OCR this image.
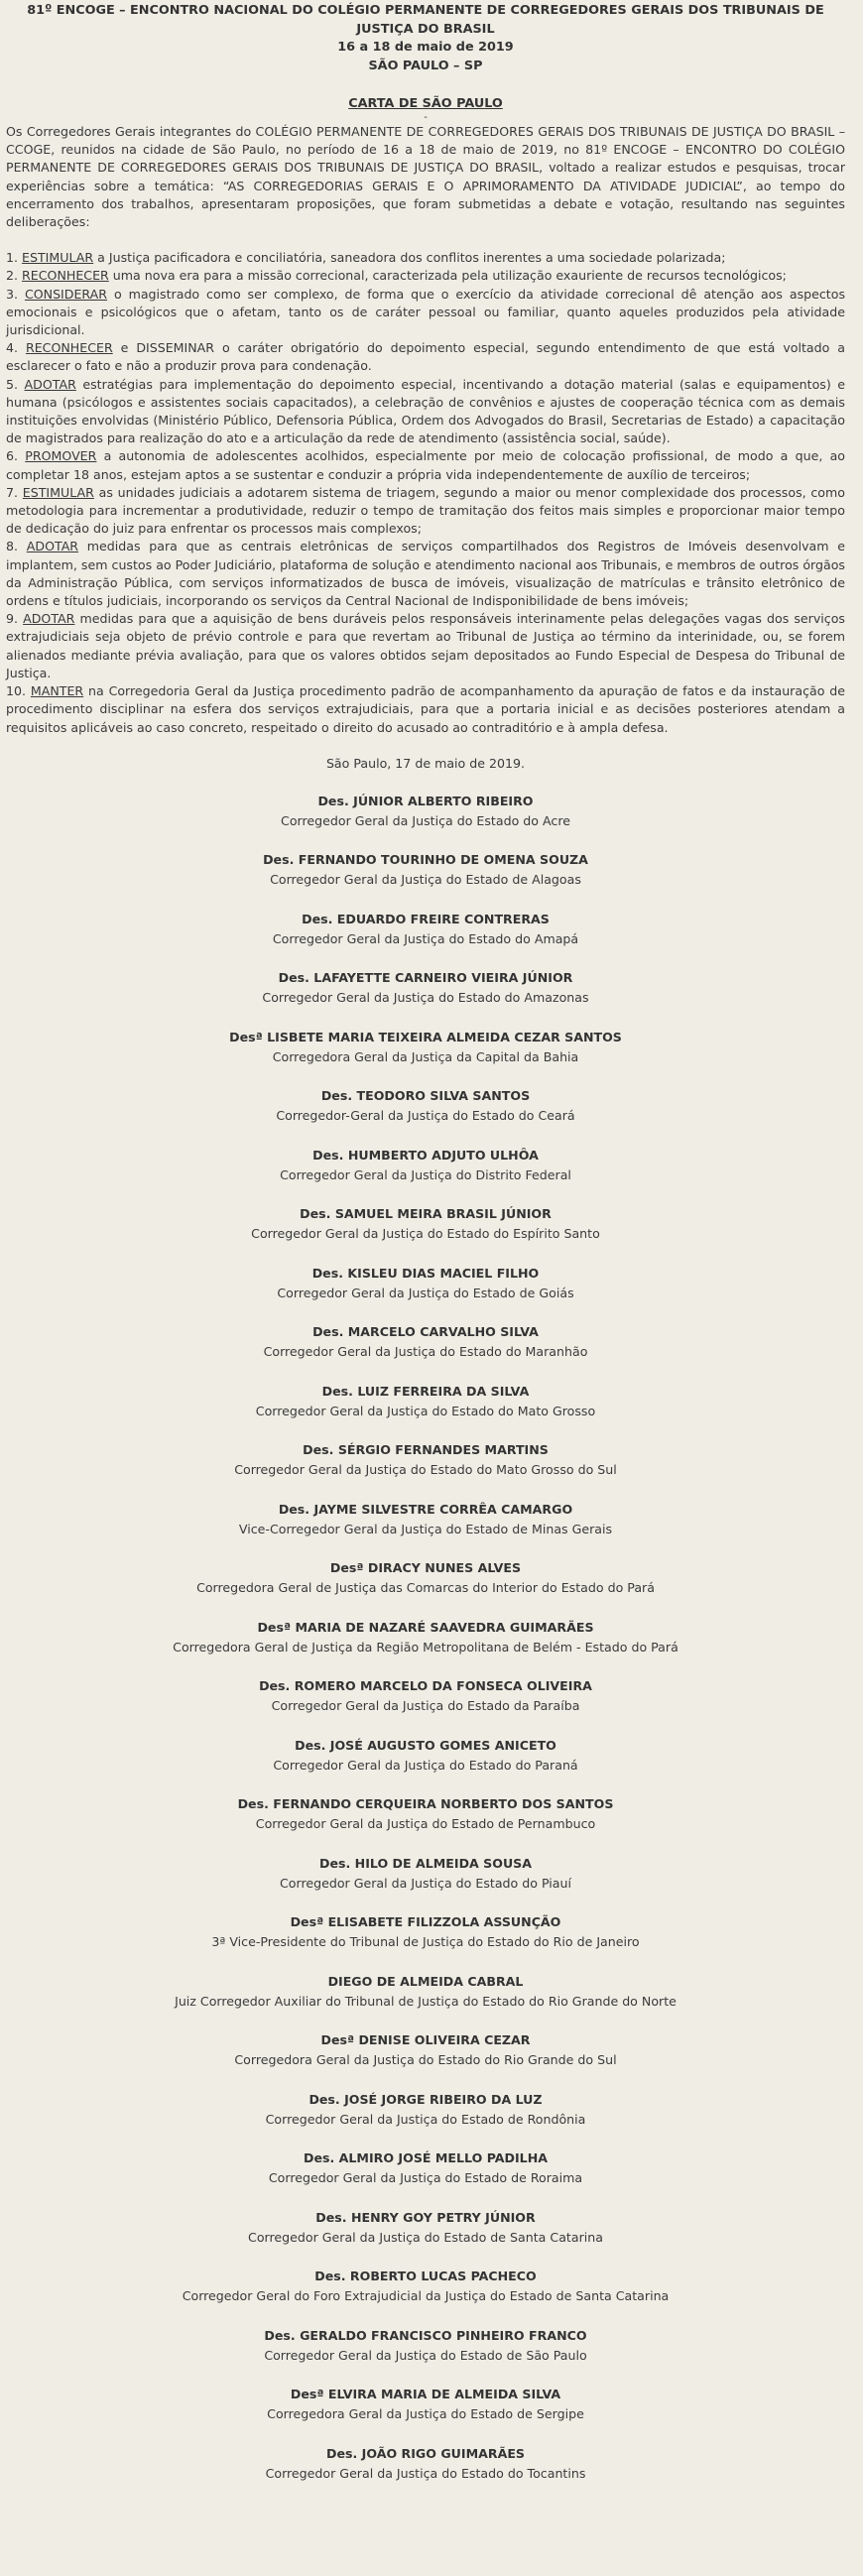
81º ENCOGE – ENCONTRO NACIONAL DO COLÉGIO PERMANENTE DE CORREGEDORES GERAIS DOS TRIBUNAIS DE JUSTIÇA DO BRASIL
16 a 18 de maio de 2019
SÃO PAULO – SP
CARTA DE SÃO PAULO
-

Os Corregedores Gerais integrantes do COLÉGIO PERMANENTE DE CORREGEDORES GERAIS DOS TRIBUNAIS DE JUSTIÇA DO BRASIL – CCOGE, reunidos na cidade de São Paulo, no período de 16 a 18 de maio de 2019, no 81º ENCOGE – ENCONTRO DO COLÉGIO PERMANENTE DE CORREGEDORES GERAIS DOS TRIBUNAIS DE JUSTIÇA DO BRASIL, voltado a realizar estudos e pesquisas, trocar experiências sobre a temática: “AS CORREGEDORIAS GERAIS E O APRIMORAMENTO DA ATIVIDADE JUDICIAL”, ao tempo do encerramento dos trabalhos, apresentaram proposições, que foram submetidas a debate e votação, resultando nas seguintes deliberações:

1. ESTIMULAR a Justiça pacificadora e conciliatória, saneadora dos conflitos inerentes a uma sociedade polarizada;

2. RECONHECER uma nova era para a missão correcional, caracterizada pela utilização exauriente de recursos tecnológicos;

3. CONSIDERAR o magistrado como ser complexo, de forma que o exercício da atividade correcional dê atenção aos aspectos emocionais e psicológicos que o afetam, tanto os de caráter pessoal ou familiar, quanto aqueles produzidos pela atividade jurisdicional.

4. RECONHECER e DISSEMINAR o caráter obrigatório do depoimento especial, segundo entendimento de que está voltado a esclarecer o fato e não a produzir prova para condenação.

5. ADOTAR estratégias para implementação do depoimento especial, incentivando a dotação material (salas e equipamentos) e humana (psicólogos e assistentes sociais capacitados), a celebração de convênios e ajustes de cooperação técnica com as demais instituições envolvidas (Ministério Público, Defensoria Pública, Ordem dos Advogados do Brasil, Secretarias de Estado) a capacitação de magistrados para realização do ato e a articulação da rede de atendimento (assistência social, saúde).

6. PROMOVER a autonomia de adolescentes acolhidos, especialmente por meio de colocação profissional, de modo a que, ao completar 18 anos, estejam aptos a se sustentar e conduzir a própria vida independentemente de auxílio de terceiros;

7. ESTIMULAR as unidades judiciais a adotarem sistema de triagem, segundo a maior ou menor complexidade dos processos, como metodologia para incrementar a produtividade, reduzir o tempo de tramitação dos feitos mais simples e proporcionar maior tempo de dedicação do juiz para enfrentar os processos mais complexos;

8. ADOTAR medidas para que as centrais eletrônicas de serviços compartilhados dos Registros de Imóveis desenvolvam e implantem, sem custos ao Poder Judiciário, plataforma de solução e atendimento nacional aos Tribunais, e membros de outros órgãos da Administração Pública, com serviços informatizados de busca de imóveis, visualização de matrículas e trânsito eletrônico de ordens e títulos judiciais, incorporando os serviços da Central Nacional de Indisponibilidade de bens imóveis;

9. ADOTAR medidas para que a aquisição de bens duráveis pelos responsáveis interinamente pelas delegações vagas dos serviços extrajudiciais seja objeto de prévio controle e para que revertam ao Tribunal de Justiça ao término da interinidade, ou, se forem alienados mediante prévia avaliação, para que os valores obtidos sejam depositados ao Fundo Especial de Despesa do Tribunal de Justiça.

10. MANTER na Corregedoria Geral da Justiça procedimento padrão de acompanhamento da apuração de fatos e da instauração de procedimento disciplinar na esfera dos serviços extrajudiciais, para que a portaria inicial e as decisões posteriores atendam a requisitos aplicáveis ao caso concreto, respeitado o direito do acusado ao contraditório e à ampla defesa.

São Paulo, 17 de maio de 2019.
Des. JÚNIOR ALBERTO RIBEIRO
Corregedor Geral da Justiça do Estado do Acre
Des. FERNANDO TOURINHO DE OMENA SOUZA
Corregedor Geral da Justiça do Estado de Alagoas
Des. EDUARDO FREIRE CONTRERAS
Corregedor Geral da Justiça do Estado do Amapá
Des. LAFAYETTE CARNEIRO VIEIRA JÚNIOR
Corregedor Geral da Justiça do Estado do Amazonas
Desª LISBETE MARIA TEIXEIRA ALMEIDA CEZAR SANTOS
Corregedora Geral da Justiça da Capital da Bahia
Des. TEODORO SILVA SANTOS
Corregedor-Geral da Justiça do Estado do Ceará
Des. HUMBERTO ADJUTO ULHÔA
Corregedor Geral da Justiça do Distrito Federal
Des. SAMUEL MEIRA BRASIL JÚNIOR
Corregedor Geral da Justiça do Estado do Espírito Santo
Des. KISLEU DIAS MACIEL FILHO
Corregedor Geral da Justiça do Estado de Goiás
Des. MARCELO CARVALHO SILVA
Corregedor Geral da Justiça do Estado do Maranhão
Des. LUIZ FERREIRA DA SILVA
Corregedor Geral da Justiça do Estado do Mato Grosso
Des. SÉRGIO FERNANDES MARTINS
Corregedor Geral da Justiça do Estado do Mato Grosso do Sul
Des. JAYME SILVESTRE CORRÊA CAMARGO
Vice-Corregedor Geral da Justiça do Estado de Minas Gerais
Desª DIRACY NUNES ALVES
Corregedora Geral de Justiça das Comarcas do Interior do Estado do Pará
Desª MARIA DE NAZARÉ SAAVEDRA GUIMARÃES
Corregedora Geral de Justiça da Região Metropolitana de Belém - Estado do Pará
Des. ROMERO MARCELO DA FONSECA OLIVEIRA
Corregedor Geral da Justiça do Estado da Paraíba
Des. JOSÉ AUGUSTO GOMES ANICETO
Corregedor Geral da Justiça do Estado do Paraná
Des. FERNANDO CERQUEIRA NORBERTO DOS SANTOS
Corregedor Geral da Justiça do Estado de Pernambuco
Des. HILO DE ALMEIDA SOUSA
Corregedor Geral da Justiça do Estado do Piauí
Desª ELISABETE FILIZZOLA ASSUNÇÃO
3ª Vice-Presidente do Tribunal de Justiça do Estado do Rio de Janeiro
DIEGO DE ALMEIDA CABRAL
Juiz Corregedor Auxiliar do Tribunal de Justiça do Estado do Rio Grande do Norte
Desª DENISE OLIVEIRA CEZAR
Corregedora Geral da Justiça do Estado do Rio Grande do Sul
Des. JOSÉ JORGE RIBEIRO DA LUZ
Corregedor Geral da Justiça do Estado de Rondônia
Des. ALMIRO JOSÉ MELLO PADILHA
Corregedor Geral da Justiça do Estado de Roraima
Des. HENRY GOY PETRY JÚNIOR
Corregedor Geral da Justiça do Estado de Santa Catarina
Des. ROBERTO LUCAS PACHECO
Corregedor Geral do Foro Extrajudicial da Justiça do Estado de Santa Catarina
Des. GERALDO FRANCISCO PINHEIRO FRANCO
Corregedor Geral da Justiça do Estado de São Paulo
Desª ELVIRA MARIA DE ALMEIDA SILVA
Corregedora Geral da Justiça do Estado de Sergipe
Des. JOÃO RIGO GUIMARÃES
Corregedor Geral da Justiça do Estado do Tocantins
